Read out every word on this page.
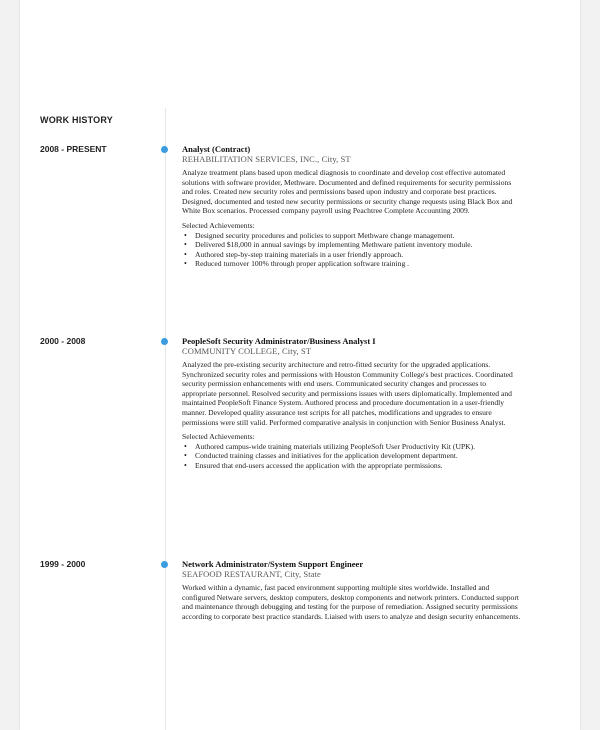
WORK HISTORY
2008 - PRESENT	Analyst (Contract)
REHABILITATION SERVICES, INC., City, ST

Analyze treatment plans based upon medical diagnosis to coordinate and develop cost effective automated solutions with software provider, Methware. Documented and defined requirements for security permissions and roles. Created new security roles and permissions based upon industry and corporate best practices. Designed, documented and tested new security permissions or security change requests using Black Box and White Box scenarios. Processed company payroll using Peachtree Complete Accounting 2009.

Selected Achievements:
• Designed security procedures and policies to support Methware change management.
• Delivered $18,000 in annual savings by implementing Methware patient inventory module.
• Authored step-by-step training materials in a user friendly approach.
• Reduced turnover 100% through proper application software training .
2000 - 2008	PeopleSoft Security Administrator/Business Analyst I
COMMUNITY COLLEGE, City, ST

Analyzed the pre-existing security architecture and retro-fitted security for the upgraded applications. Synchronized security roles and permissions with Houston Community College's best practices. Coordinated security permission enhancements with end users. Communicated security changes and processes to appropriate personnel. Resolved security and permissions issues with users diplomatically. Implemented and maintained PeopleSoft Finance System. Authored process and procedure documentation in a user-friendly manner. Developed quality assurance test scripts for all patches, modifications and upgrades to ensure permissions were still valid. Performed comparative analysis in conjunction with Senior Business Analyst.

Selected Achievements:
• Authored campus-wide training materials utilizing PeopleSoft User Productivity Kit (UPK).
• Conducted training classes and initiatives for the application development department.
• Ensured that end-users accessed the application with the appropriate permissions.
1999 - 2000	Network Administrator/System Support Engineer
SEAFOOD RESTAURANT, City, State

Worked within a dynamic, fast paced environment supporting multiple sites worldwide. Installed and configured Netware servers, desktop computers, desktop components and network printers. Conducted support and maintenance through debugging and testing for the purpose of remediation. Assigned security permissions according to corporate best practice standards. Liaised with users to analyze and design security enhancements.
